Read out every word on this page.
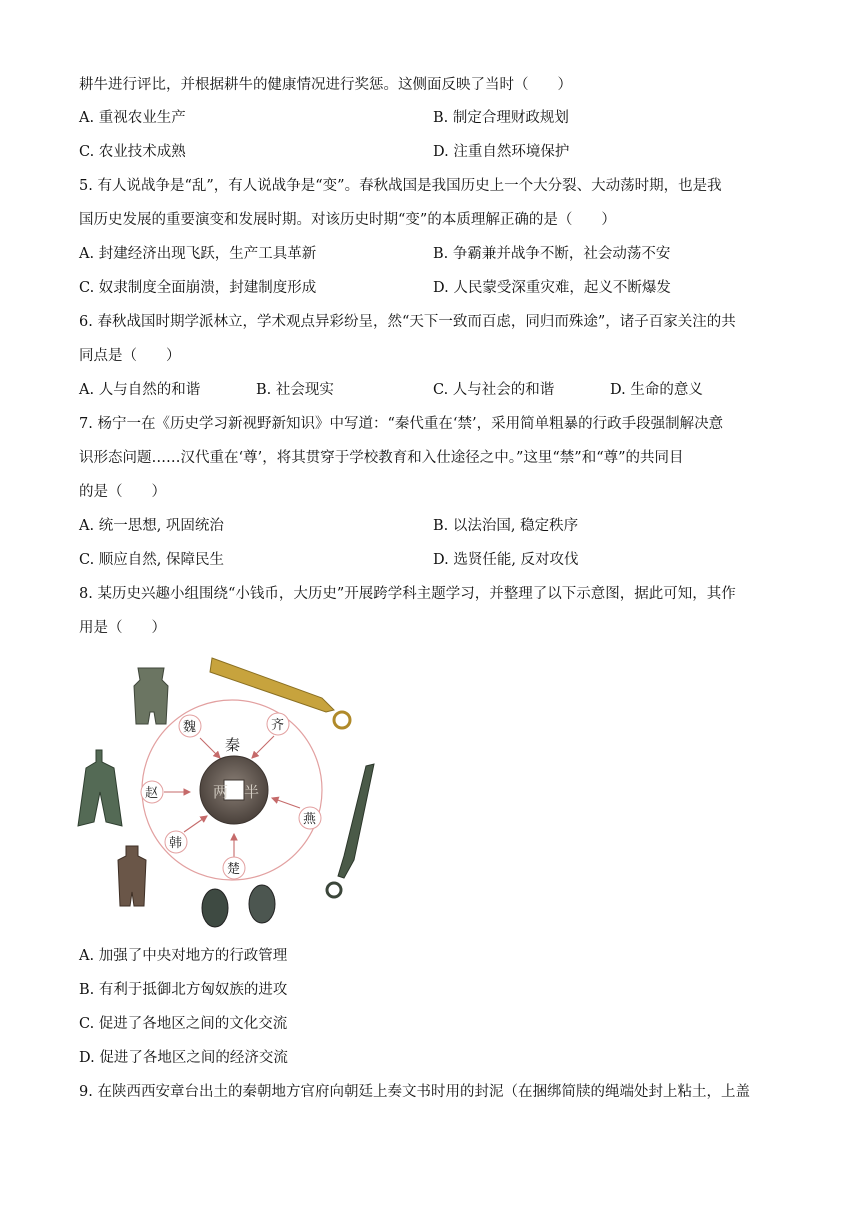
耕牛进行评比，并根据耕牛的健康情况进行奖惩。这侧面反映了当时（　　）
A. 重视农业生产	B. 制定合理财政规划
C. 农业技术成熟	D. 注重自然环境保护
5. 有人说战争是“乱”，有人说战争是“变”。春秋战国是我国历史上一个大分裂、大动荡时期，也是我
国历史发展的重要演变和发展时期。对该历史时期“变”的本质理解正确的是（　　）
A. 封建经济出现飞跃，生产工具革新	B. 争霸兼并战争不断，社会动荡不安
C. 奴隶制度全面崩溃，封建制度形成	D. 人民蒙受深重灾难，起义不断爆发
6. 春秋战国时期学派林立，学术观点异彩纷呈，然“天下一致而百虑，同归而殊途”，诸子百家关注的共
同点是（　　）
A. 人与自然的和谐	B. 社会现实	C. 人与社会的和谐	D. 生命的意义
7. 杨宁一在《历史学习新视野新知识》中写道：“秦代重在‘禁’，采用简单粗暴的行政手段强制解决意
识形态问题……汉代重在‘尊’，将其贯穿于学校教育和入仕途径之中。”这里“禁”和“尊”的共同目
的是（　　）
A. 统一思想, 巩固统治	B. 以法治国, 稳定秩序
C. 顺应自然, 保障民生	D. 选贤任能, 反对攻伐
8. 某历史兴趣小组围绕“小钱币，大历史”开展跨学科主题学习，并整理了以下示意图，据此可知，其作
用是（　　）
两 半
秦
魏	齐
赵
燕
韩
楚
A. 加强了中央对地方的行政管理
B. 有利于抵御北方匈奴族的进攻
C. 促进了各地区之间的文化交流
D. 促进了各地区之间的经济交流
9. 在陕西西安章台出土的秦朝地方官府向朝廷上奏文书时用的封泥（在捆绑简牍的绳端处封上粘土，上盖
